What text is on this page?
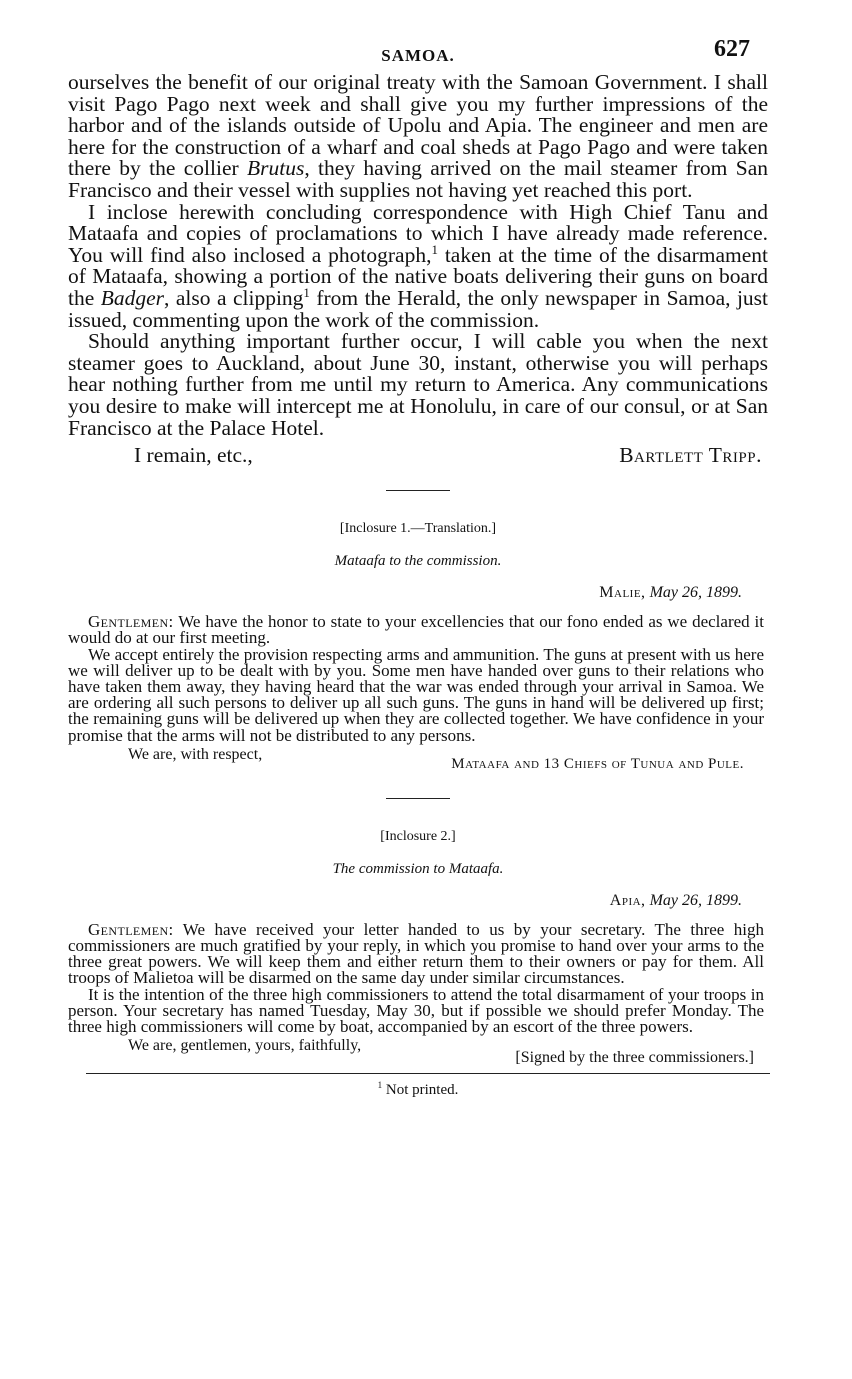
SAMOA.	627

ourselves the benefit of our original treaty with the Samoan Government. I shall visit Pago Pago next week and shall give you my further impressions of the harbor and of the islands outside of Upolu and Apia. The engineer and men are here for the construction of a wharf and coal sheds at Pago Pago and were taken there by the collier Brutus, they having arrived on the mail steamer from San Francisco and their vessel with supplies not having yet reached this port.

I inclose herewith concluding correspondence with High Chief Tanu and Mataafa and copies of proclamations to which I have already made reference. You will find also inclosed a photograph,$^1$ taken at the time of the disarmament of Mataafa, showing a portion of the native boats delivering their guns on board the Badger, also a clipping$^1$ from the Herald, the only newspaper in Samoa, just issued, commenting upon the work of the commission.

Should anything important further occur, I will cable you when the next steamer goes to Auckland, about June 30, instant, otherwise you will perhaps hear nothing further from me until my return to America. Any communications you desire to make will intercept me at Honolulu, in care of our consul, or at San Francisco at the Palace Hotel.

I remain, etc.,	Bartlett Tripp.
[Inclosure 1.—Translation.]
Mataafa to the commission.
Malie, May 26, 1899.

Gentlemen: We have the honor to state to your excellencies that our fono ended as we declared it would do at our first meeting.

We accept entirely the provision respecting arms and ammunition. The guns at present with us here we will deliver up to be dealt with by you. Some men have handed over guns to their relations who have taken them away, they having heard that the war was ended through your arrival in Samoa. We are ordering all such persons to deliver up all such guns. The guns in hand will be delivered up first; the remaining guns will be delivered up when they are collected together. We have confidence in your promise that the arms will not be distributed to any persons.

We are, with respect,
Mataafa and 13 Chiefs of Tunua and Pule.
[Inclosure 2.]
The commission to Mataafa.
Apia, May 26, 1899.

Gentlemen: We have received your letter handed to us by your secretary. The three high commissioners are much gratified by your reply, in which you promise to hand over your arms to the three great powers. We will keep them and either return them to their owners or pay for them. All troops of Malietoa will be disarmed on the same day under similar circumstances.

It is the intention of the three high commissioners to attend the total disarmament of your troops in person. Your secretary has named Tuesday, May 30, but if possible we should prefer Monday. The three high commissioners will come by boat, accompanied by an escort of the three powers.

We are, gentlemen, yours, faithfully,
[Signed by the three commissioners.]
$^1$ Not printed.
